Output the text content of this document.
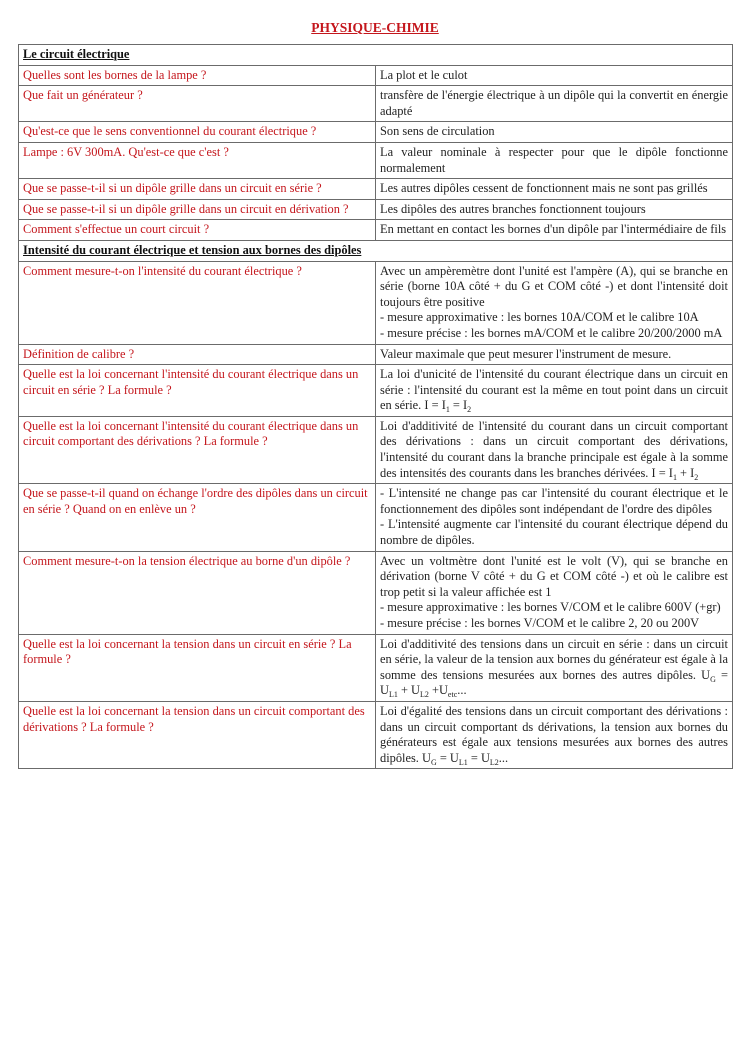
PHYSIQUE-CHIMIE
Le circuit électrique	
Quelles sont les bornes de la lampe ?	La plot et le culot
Que fait un générateur ?	transfère de l'énergie électrique à un dipôle qui la convertit en énergie adapté
Qu'est-ce que le sens conventionnel du courant électrique ?	Son sens de circulation
Lampe : 6V 300mA. Qu'est-ce que c'est ?	La valeur nominale à respecter pour que le dipôle fonctionne normalement
Que se passe-t-il si un dipôle grille dans un circuit en série ?	Les autres dipôles cessent de fonctionnent mais ne sont pas grillés
Que se passe-t-il si un dipôle grille dans un circuit en dérivation ?	Les dipôles des autres branches fonctionnent toujours
Comment s'effectue un court circuit ?	En mettant en contact les bornes d'un dipôle par l'intermédiaire de fils
Intensité du courant électrique et tension aux bornes des dipôles	
Comment mesure-t-on l'intensité du courant électrique ?	Avec un ampèremètre dont l'unité est l'ampère (A), qui se branche en série (borne 10A côté + du G et COM côté -) et dont l'intensité doit toujours être positive
- mesure approximative : les bornes 10A/COM et le calibre 10A
- mesure précise : les bornes mA/COM et le calibre 20/200/2000 mA

Définition de calibre ?	Valeur maximale que peut mesurer l'instrument de mesure.
Quelle est la loi concernant l'intensité du courant électrique dans un circuit en série ? La formule ?	La loi d'unicité de l'intensité du courant électrique dans un circuit en série : l'intensité du courant est la même en tout point dans un circuit en série. $I = I_1 = I_2$
Quelle est la loi concernant l'intensité du courant électrique dans un circuit comportant des dérivations ? La formule ?	Loi d'additivité de l'intensité du courant dans un circuit comportant des dérivations : dans un circuit comportant des dérivations, l'intensité du courant dans la branche principale est égale à la somme des intensités des courants dans les branches dérivées. $I = I_1 + I_2$
Que se passe-t-il quand on échange l'ordre des dipôles dans un circuit en série ? Quand on en enlève un ?	- L'intensité ne change pas car l'intensité du courant électrique et le fonctionnement des dipôles sont indépendant de l'ordre des dipôles
- L'intensité augmente car l'intensité du courant électrique dépend du nombre de dipôles.

Comment mesure-t-on la tension électrique au borne d'un dipôle ?	Avec un voltmètre dont l'unité est le volt (V), qui se branche en dérivation (borne V côté + du G et COM côté -) et où le calibre est trop petit si la valeur affichée est 1
- mesure approximative : les bornes V/COM et le calibre 600V (+gr)
- mesure précise : les bornes V/COM et le calibre 2, 20 ou 200V

Quelle est la loi concernant la tension dans un circuit en série ? La formule ?	Loi d'additivité des tensions dans un circuit en série : dans un circuit en série, la valeur de la tension aux bornes du générateur est égale à la somme des tensions mesurées aux bornes des autres dipôles. $U_G = U_{L1} + U_{L2} +U_{etc}$...
Quelle est la loi concernant la tension dans un circuit comportant des dérivations ? La formule ?	Loi d'égalité des tensions dans un circuit comportant des dérivations : dans un circuit comportant ds dérivations, la tension aux bornes du générateurs est égale aux tensions mesurées aux bornes des autres dipôles. $U_G = U_{L1} = U_{L2}$...
